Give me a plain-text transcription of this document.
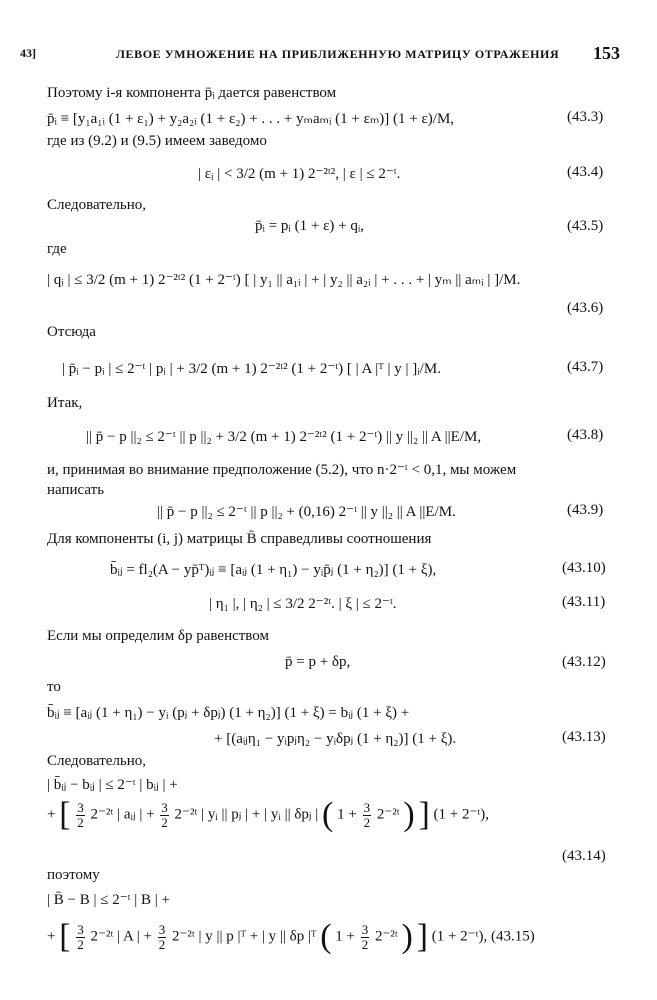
43]	ЛЕВОЕ УМНОЖЕНИЕ НА ПРИБЛИЖЕННУЮ МАТРИЦУ ОТРАЖЕНИЯ 153
Поэтому i-я компонента p̄ᵢ дается равенством
p̄ᵢ ≡ [y₁a₁ᵢ (1 + ε₁) + y₂a₂ᵢ (1 + ε₂) + . . . + yₘaₘᵢ (1 + εₘ)] (1 + ε)/M,	(43.3)
где из (9.2) и (9.5) имеем заведомо
| εᵢ | < 3/2 (m + 1) 2⁻²ᵗ², | ε | ≤ 2⁻ᵗ.	(43.4)
Следовательно,
p̄ᵢ = pᵢ (1 + ε) + qᵢ,	(43.5)
где
| qᵢ | ≤ 3/2 (m + 1) 2⁻²ᵗ² (1 + 2⁻ᵗ) [ | y₁ || a₁ᵢ | + | y₂ || a₂ᵢ | + . . . + | yₘ || aₘᵢ | ]/M.
(43.6)
Отсюда
| p̄ᵢ − pᵢ | ≤ 2⁻ᵗ | pᵢ | + 3/2 (m + 1) 2⁻²ᵗ² (1 + 2⁻ᵗ) [ | A |ᵀ | y | ]ᵢ/M.	(43.7)
Итак,
|| p̄ − p ||₂ ≤ 2⁻ᵗ || p ||₂ + 3/2 (m + 1) 2⁻²ᵗ² (1 + 2⁻ᵗ) || y ||₂ || A ||E/M,	(43.8)
и, принимая во внимание предположение (5.2), что n·2⁻ᵗ < 0,1, мы можем
написать
|| p̄ − p ||₂ ≤ 2⁻ᵗ || p ||₂ + (0,16) 2⁻ᵗ || y ||₂ || A ||E/M.	(43.9)
Для компоненты (i, j) матрицы B̄ справедливы соотношения
b̄ᵢⱼ = fl₂(A − yp̄ᵀ)ᵢⱼ ≡ [aᵢⱼ (1 + η₁) − yᵢp̄ⱼ (1 + η₂)] (1 + ξ),	(43.10)
| η₁ |, | η₂ | ≤ 3/2 2⁻²ᵗ. | ξ | ≤ 2⁻ᵗ.	(43.11)
Если мы определим δp равенством
p̄ = p + δp,	(43.12)
то
b̄ᵢⱼ ≡ [aᵢⱼ (1 + η₁) − yᵢ (pⱼ + δpⱼ) (1 + η₂)] (1 + ξ) = bᵢⱼ (1 + ξ) +
+ [(aᵢⱼη₁ − yᵢpⱼη₂ − yᵢδpⱼ (1 + η₂)] (1 + ξ).	(43.13)
Следовательно,
| b̄ᵢⱼ − bᵢⱼ | ≤ 2⁻ᵗ | bᵢⱼ | +
+ [ $\frac{3}{2}$ 2⁻²ᵗ | aᵢⱼ | + $\frac{3}{2}$ 2⁻²ᵗ | yᵢ || pⱼ | + | yᵢ || δpⱼ | ( $1 + \frac{3}{2}$ 2⁻²ᵗ ) ] (1 + 2⁻ᵗ),
(43.14)
поэтому
| B̄ − B | ≤ 2⁻ᵗ | B | +
+ [ $\frac{3}{2}$ 2⁻²ᵗ | A | + $\frac{3}{2}$ 2⁻²ᵗ | y || p |ᵀ + | y || δp |ᵀ ( $1 + \frac{3}{2}$ 2⁻²ᵗ ) ] (1 + 2⁻ᵗ), (43.15)
